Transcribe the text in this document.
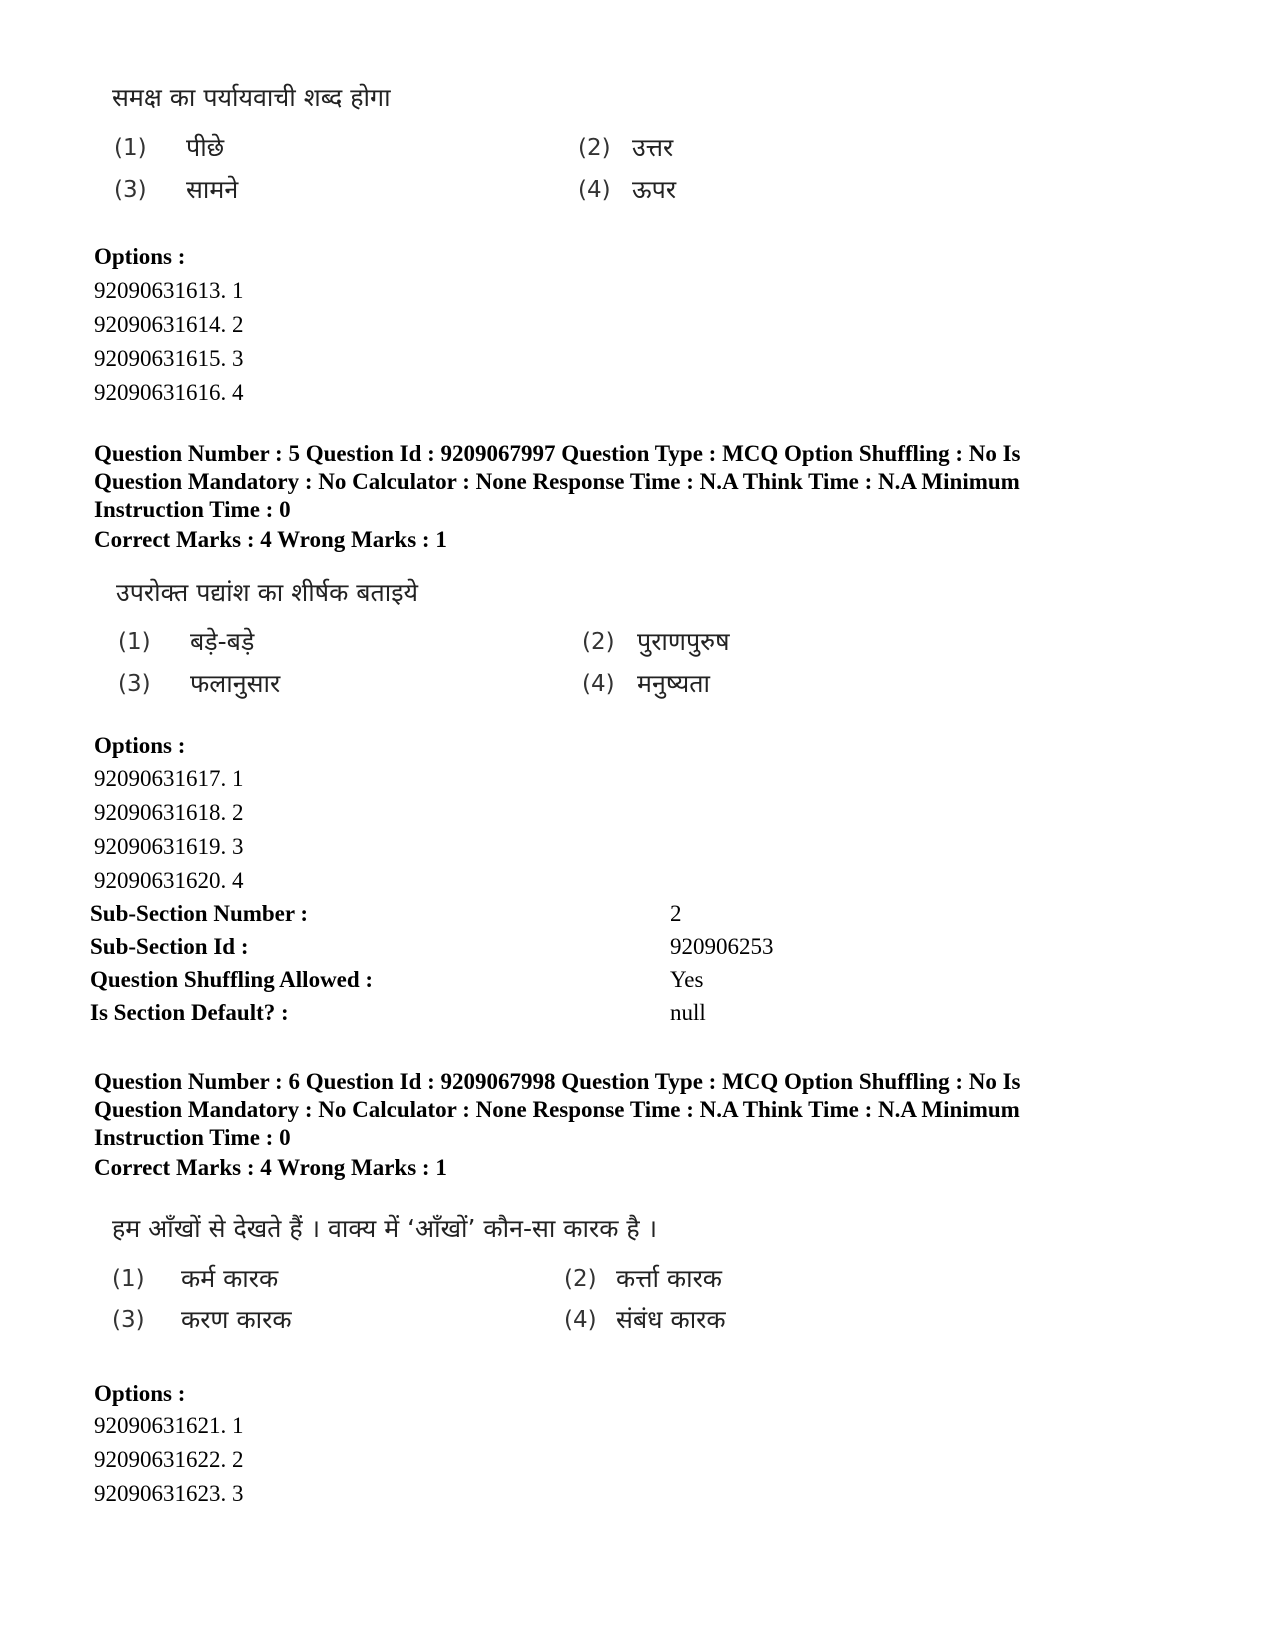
समक्ष का पर्यायवाची शब्द होगा
(1) पीछे	(2) उत्तर
(3) सामने	(4) ऊपर
Options :
92090631613. 1
92090631614. 2
92090631615. 3
92090631616. 4
Question Number : 5 Question Id : 9209067997 Question Type : MCQ Option Shuffling : No Is
Question Mandatory : No Calculator : None Response Time : N.A Think Time : N.A Minimum
Instruction Time : 0
Correct Marks : 4 Wrong Marks : 1
उपरोक्त पद्यांश का शीर्षक बताइये
(1) बड़े-बड़े	(2) पुराणपुरुष
(3) फलानुसार	(4) मनुष्यता
Options :
92090631617. 1
92090631618. 2
92090631619. 3
92090631620. 4
Sub-Section Number :	2
Sub-Section Id :	920906253
Question Shuffling Allowed :	Yes
Is Section Default? :	null
Question Number : 6 Question Id : 9209067998 Question Type : MCQ Option Shuffling : No Is
Question Mandatory : No Calculator : None Response Time : N.A Think Time : N.A Minimum
Instruction Time : 0
Correct Marks : 4 Wrong Marks : 1
हम आँखों से देखते हैं । वाक्य में ‘आँखों’ कौन-सा कारक है ।
(1) कर्म कारक	(2) कर्त्ता कारक
(3) करण कारक	(4) संबंध कारक
Options :
92090631621. 1
92090631622. 2
92090631623. 3
